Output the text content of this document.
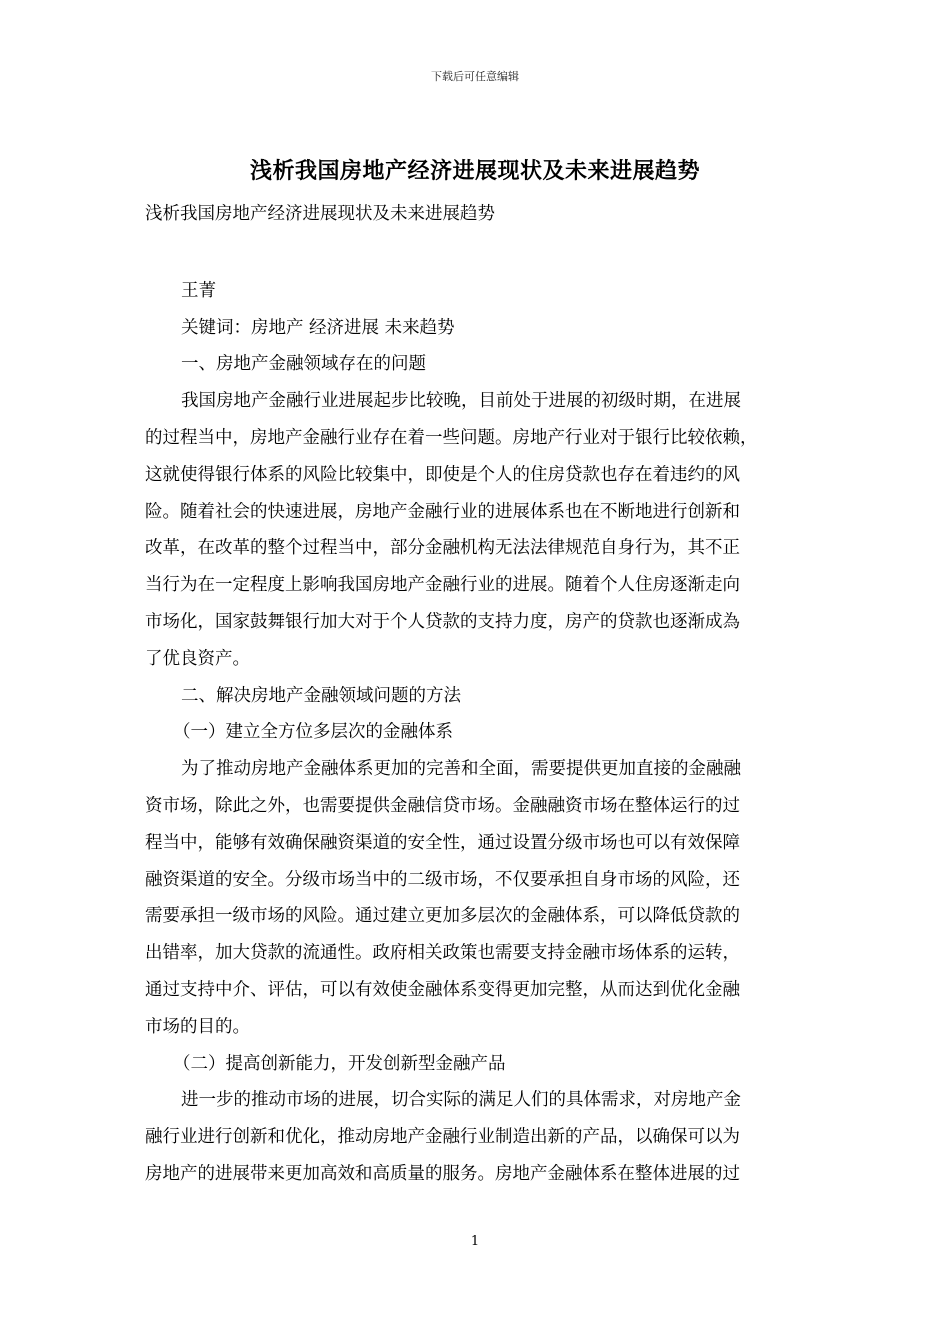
下载后可任意编辑
浅析我国房地产经济进展现状及未来进展趋势
浅析我国房地产经济进展现状及未来进展趋势
王菁
关键词：房地产 经济进展 未来趋势
一、房地产金融领域存在的问题
我国房地产金融行业进展起步比较晚，目前处于进展的初级时期，在进展
的过程当中，房地产金融行业存在着一些问题。房地产行业对于银行比较依赖，
这就使得银行体系的风险比较集中，即使是个人的住房贷款也存在着违约的风
险。随着社会的快速进展，房地产金融行业的进展体系也在不断地进行创新和
改革，在改革的整个过程当中，部分金融机构无法法律规范自身行为，其不正
当行为在一定程度上影响我国房地产金融行业的进展。随着个人住房逐渐走向
市场化，国家鼓舞银行加大对于个人贷款的支持力度，房产的贷款也逐渐成為
了优良资产。
二、解决房地产金融领域问题的方法
（一）建立全方位多层次的金融体系
为了推动房地产金融体系更加的完善和全面，需要提供更加直接的金融融
资市场，除此之外，也需要提供金融信贷市场。金融融资市场在整体运行的过
程当中，能够有效确保融资渠道的安全性，通过设置分级市场也可以有效保障
融资渠道的安全。分级市场当中的二级市场，不仅要承担自身市场的风险，还
需要承担一级市场的风险。通过建立更加多层次的金融体系，可以降低贷款的
出错率，加大贷款的流通性。政府相关政策也需要支持金融市场体系的运转，
通过支持中介、评估，可以有效使金融体系变得更加完整，从而达到优化金融
市场的目的。
（二）提高创新能力，开发创新型金融产品
进一步的推动市场的进展，切合实际的满足人们的具体需求，对房地产金
融行业进行创新和优化，推动房地产金融行业制造出新的产品，以确保可以为
房地产的进展带来更加高效和高质量的服务。房地产金融体系在整体进展的过
1
